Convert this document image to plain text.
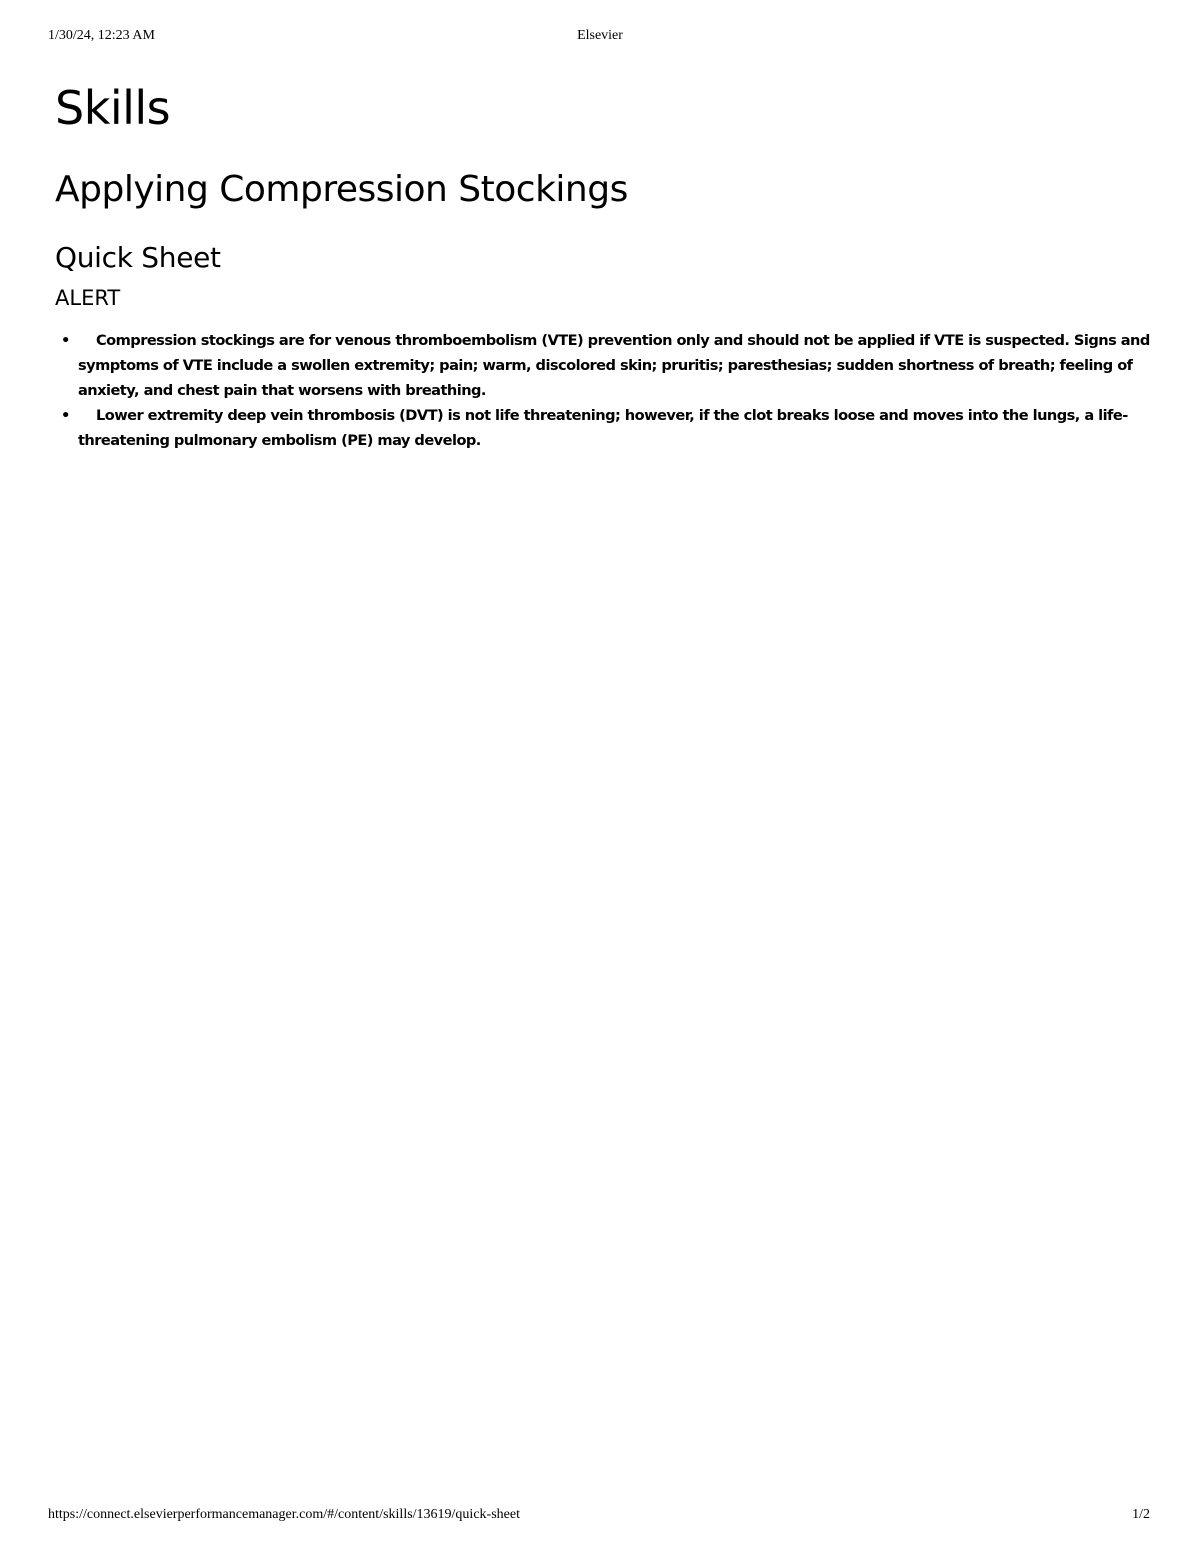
1/30/24, 12:23 AM	Elsevier
Skills
Applying Compression Stockings
Quick Sheet
ALERT
• Compression stockings are for venous thromboembolism (VTE) prevention only and should not be applied if VTE is suspected. Signs and symptoms of VTE include a swollen extremity; pain; warm, discolored skin; pruritis; paresthesias; sudden shortness of breath; feeling of anxiety, and chest pain that worsens with breathing.
• Lower extremity deep vein thrombosis (DVT) is not life threatening; however, if the clot breaks loose and moves into the lungs, a life-threatening pulmonary embolism (PE) may develop.
https://connect.elsevierperformancemanager.com/#/content/skills/13619/quick-sheet	1/2
